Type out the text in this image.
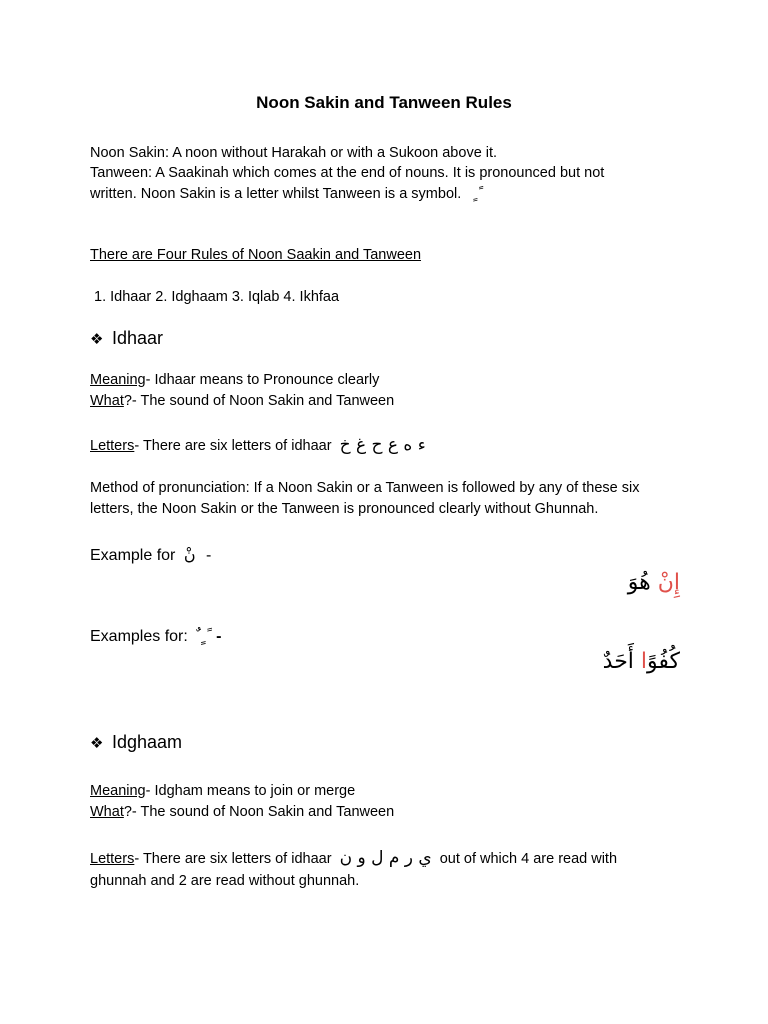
Noon Sakin and Tanween Rules
Noon Sakin: A noon without Harakah or with a Sukoon above it.
Tanween: A Saakinah which comes at the end of nouns. It is pronounced but not
written. Noon Sakin is a letter whilst Tanween is a symbol. ً ٍ
There are Four Rules of Noon Saakin and Tanween
1. Idhaar 2. Idghaam 3. Iqlab 4. Ikhfaa
❖ Idhaar
Meaning- Idhaar means to Pronounce clearly
What?- The sound of Noon Sakin and Tanween
Letters- There are six letters of idhaar ء ه ع ح غ خ
Method of pronunciation: If a Noon Sakin or a Tanween is followed by any of these six
letters, the Noon Sakin or the Tanween is pronounced clearly without Ghunnah.
Example for نْ -
إِنْ هُوَ
Examples for: ً ٍ ٌ -
كُفُوًا أَحَدٌ
❖ Idghaam
Meaning- Idgham means to join or merge
What?- The sound of Noon Sakin and Tanween
Letters- There are six letters of idhaar ي ر م ل و ن out of which 4 are read with
ghunnah and 2 are read without ghunnah.
